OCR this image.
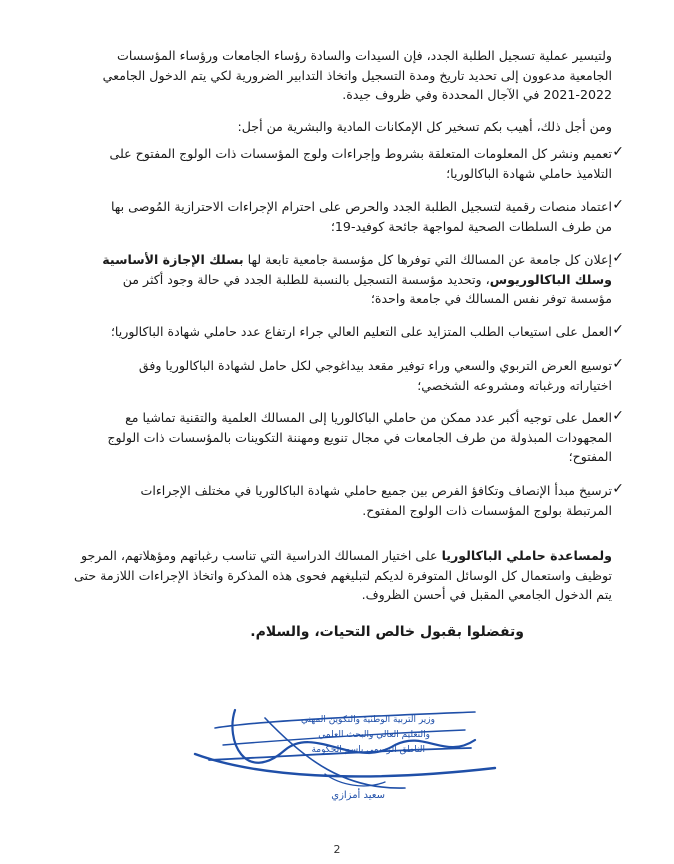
ولتيسير عملية تسجيل الطلبة الجدد، فإن السيدات والسادة رؤساء الجامعات ورؤساء المؤسسات

الجامعية مدعوون إلى تحديد تاريخ ومدة التسجيل واتخاذ التدابير الضرورية لكي يتم الدخول الجامعي

2021-2022 في الآجال المحددة وفي ظروف جيدة.

ومن أجل ذلك، أهيب بكم تسخير كل الإمكانات المادية والبشرية من أجل:

✓

تعميم ونشر كل المعلومات المتعلقة بشروط وإجراءات ولوج المؤسسات ذات الولوج المفتوح على

التلاميذ حاملي شهادة الباكالوريا؛

✓

اعتماد منصات رقمية لتسجيل الطلبة الجدد والحرص على احترام الإجراءات الاحترازية المُوصى بها

من طرف السلطات الصحية لمواجهة جائحة كوفيد-19؛

✓

إعلان كل جامعة عن المسالك التي توفرها كل مؤسسة جامعية تابعة لها بسلك الإجازة الأساسية

وسلك الباكالوريوس، وتحديد مؤسسة التسجيل بالنسبة للطلبة الجدد في حالة وجود أكثر من

مؤسسة توفر نفس المسالك في جامعة واحدة؛

✓

العمل على استيعاب الطلب المتزايد على التعليم العالي جراء ارتفاع عدد حاملي شهادة الباكالوريا؛

✓

توسيع العرض التربوي والسعي وراء توفير مقعد بيداغوجي لكل حامل لشهادة الباكالوريا وفق

اختياراته ورغباته ومشروعه الشخصي؛

✓

العمل على توجيه أكبر عدد ممكن من حاملي الباكالوريا إلى المسالك العلمية والتقنية تماشيا مع

المجهودات المبذولة من طرف الجامعات في مجال تنويع ومهننة التكوينات بالمؤسسات ذات الولوج

المفتوح؛

✓

ترسيخ مبدأ الإنصاف وتكافؤ الفرص بين جميع حاملي شهادة الباكالوريا في مختلف الإجراءات

المرتبطة بولوج المؤسسات ذات الولوج المفتوح.

ولمساعدة حاملي الباكالوريا على اختيار المسالك الدراسية التي تناسب رغباتهم ومؤهلاتهم، المرجو

توظيف واستعمال كل الوسائل المتوفرة لديكم لتبليغهم فحوى هذه المذكرة واتخاذ الإجراءات اللازمة حتى

يتم الدخول الجامعي المقبل في أحسن الظروف.

وتفضلوا بقبول خالص التحيات، والسلام.
وزير التربية الوطنية والتكوين المهني
والتعليم العالي والبحث العلمي
الناطق الرسمي باسم الحكومة
سعيد أمزازي
2
